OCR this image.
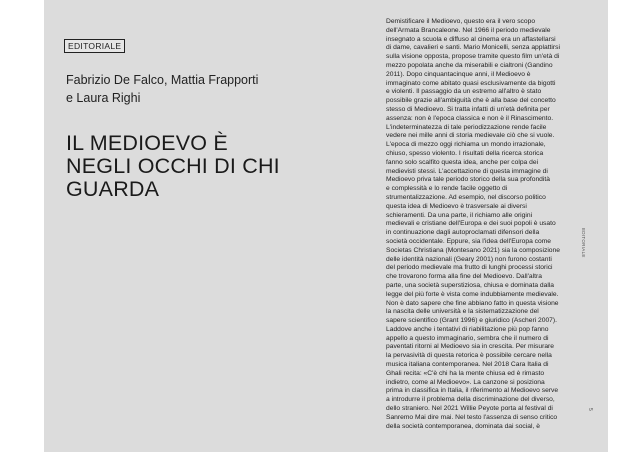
EDITORIALE
Fabrizio De Falco, Mattia Frapporti
e Laura Righi
IL MEDIOEVO È
NEGLI OCCHI DI CHI
GUARDA

Demistificare il Medioevo, questo era il vero scopo

dell'Armata Brancaleone. Nel 1966 il periodo medievale

insegnato a scuola e diffuso al cinema era un affastellarsi

di dame, cavalieri e santi. Mario Monicelli, senza applattirsi

sulla visione opposta, propose tramite questo film un'età di

mezzo popolata anche da miserabili e cialtroni (Gandino

2011). Dopo cinquantacinque anni, il Medioevo è

immaginato come abitato quasi esclusivamente da bigotti

e violenti. Il passaggio da un estremo all'altro è stato

possibile grazie all'ambiguità che è alla base del concetto

stesso di Medioevo. Si tratta infatti di un'età definita per

assenza: non è l'epoca classica e non è il Rinascimento.

L'indeterminatezza di tale periodizzazione rende facile

vedere nei mille anni di storia medievale ciò che si vuole.

L'epoca di mezzo oggi richiama un mondo irrazionale,

chiuso, spesso violento. I risultati della ricerca storica

fanno solo scalfito questa idea, anche per colpa dei

medievisti stessi. L'accettazione di questa immagine di

Medioevo priva tale periodo storico della sua profondità

e complessità e lo rende facile oggetto di

strumentalizzazione. Ad esempio, nel discorso politico

questa idea di Medioevo è trasversale ai diversi

schieramenti. Da una parte, il richiamo alle origini

medievali e cristiane dell'Europa e dei suoi popoli è usato

in continuazione dagli autoproclamati difensori della

società occidentale. Eppure, sia l'idea dell'Europa come

Societas Christiana (Montesano 2021) sia la composizione

delle identità nazionali (Geary 2001) non furono costanti

del periodo medievale ma frutto di lunghi processi storici

che trovarono forma alla fine del Medioevo. Dall'altra

parte, una società superstiziosa, chiusa e dominata dalla

legge del più forte è vista come indubbiamente medievale.

Non è dato sapere che fine abbiano fatto in questa visione

la nascita delle università e la sistematizzazione del

sapere scientifico (Grant 1996) e giuridico (Ascheri 2007).

Laddove anche i tentativi di riabilitazione più pop fanno

appello a questo immaginario, sembra che il numero di

paventati ritorni al Medioevo sia in crescita. Per misurare

la pervasività di questa retorica è possibile cercare nella

musica italiana contemporanea. Nel 2018 Cara Italia di

Ghali recita: «C'è chi ha la mente chiusa ed è rimasto

indietro, come al Medioevo». La canzone si posiziona

prima in classifica in Italia, il riferimento al Medioevo serve

a introdurre il problema della discriminazione del diverso,

dello straniero. Nel 2021 Willie Peyote porta al festival di

Sanremo Mai dire mai. Nel testo l'assenza di senso critico

della società contemporanea, dominata dai social, è

EDITORIALE
5
